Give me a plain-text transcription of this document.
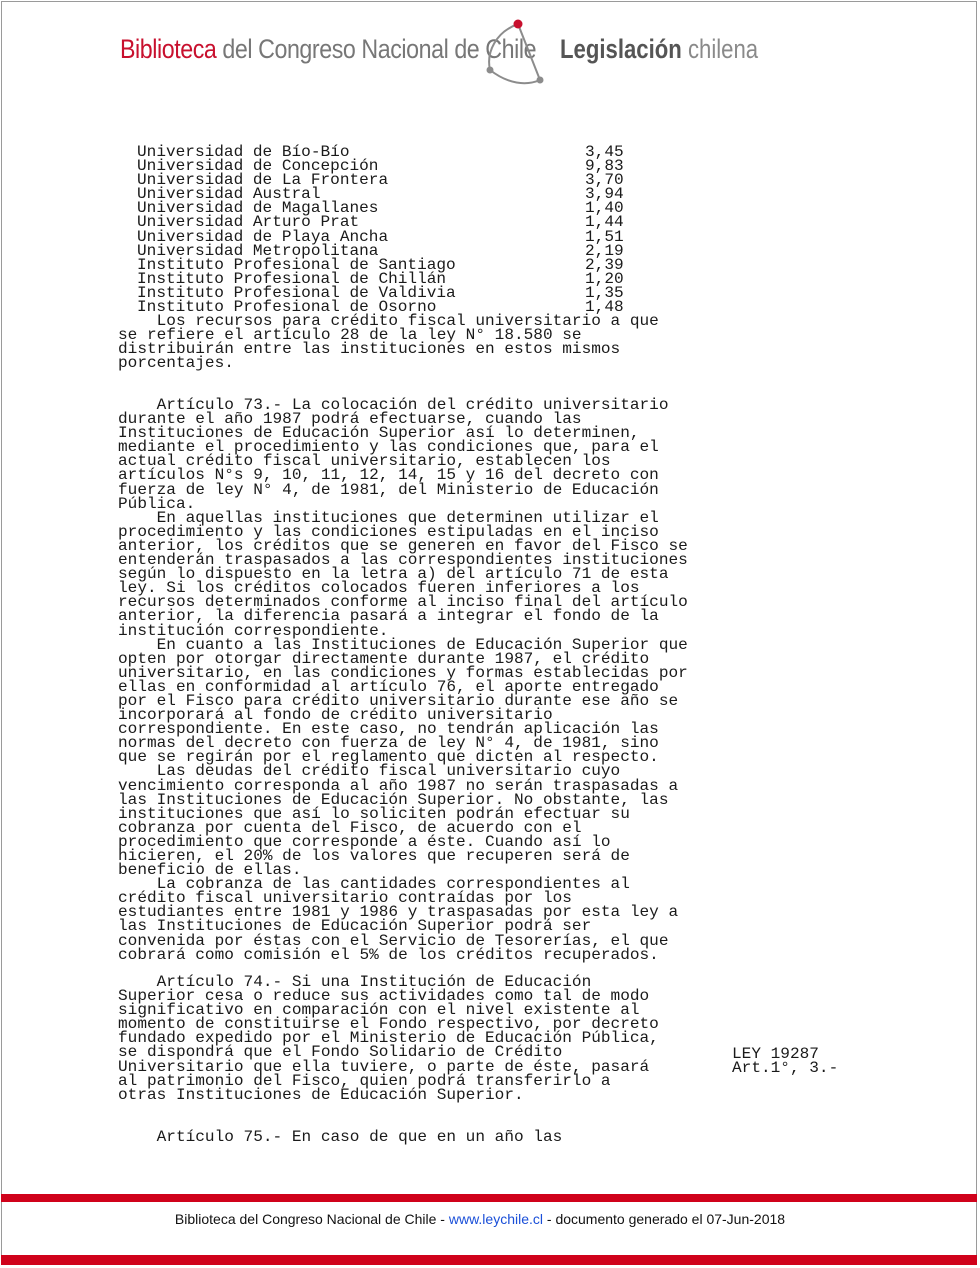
Biblioteca del Congreso Nacional de Chile Legislación chilena
Universidad de Bío-Bío	3,45
Universidad de Concepción	9,83
Universidad de La Frontera	3,70
Universidad Austral	3,94
Universidad de Magallanes	1,40
Universidad Arturo Prat	1,44
Universidad de Playa Ancha	1,51
Universidad Metropolitana	2,19
Instituto Profesional de Santiago	2,39
Instituto Profesional de Chillán	1,20
Instituto Profesional de Valdivia	1,35
Instituto Profesional de Osorno	1,48
Los recursos para crédito fiscal universitario a que
se refiere el artículo 28 de la ley N° 18.580 se
distribuirán entre las instituciones en estos mismos
porcentajes.
Artículo 73.- La colocación del crédito universitario
durante el año 1987 podrá efectuarse, cuando las
Instituciones de Educación Superior así lo determinen,
mediante el procedimiento y las condiciones que, para el
actual crédito fiscal universitario, establecen los
artículos N°s 9, 10, 11, 12, 14, 15 y 16 del decreto con
fuerza de ley N° 4, de 1981, del Ministerio de Educación
Pública.
En aquellas instituciones que determinen utilizar el
procedimiento y las condiciones estipuladas en el inciso
anterior, los créditos que se generen en favor del Fisco se
entenderán traspasados a las correspondientes instituciones
según lo dispuesto en la letra a) del artículo 71 de esta
ley. Si los créditos colocados fueren inferiores a los
recursos determinados conforme al inciso final del artículo
anterior, la diferencia pasará a integrar el fondo de la
institución correspondiente.
En cuanto a las Instituciones de Educación Superior que
opten por otorgar directamente durante 1987, el crédito
universitario, en las condiciones y formas establecidas por
ellas en conformidad al artículo 76, el aporte entregado
por el Fisco para crédito universitario durante ese año se
incorporará al fondo de crédito universitario
correspondiente. En este caso, no tendrán aplicación las
normas del decreto con fuerza de ley N° 4, de 1981, sino
que se regirán por el reglamento que dicten al respecto.
Las deudas del crédito fiscal universitario cuyo
vencimiento corresponda al año 1987 no serán traspasadas a
las Instituciones de Educación Superior. No obstante, las
instituciones que así lo soliciten podrán efectuar su
cobranza por cuenta del Fisco, de acuerdo con el
procedimiento que corresponde a éste. Cuando así lo
hicieren, el 20% de los valores que recuperen será de
beneficio de ellas.
La cobranza de las cantidades correspondientes al
crédito fiscal universitario contraídas por los
estudiantes entre 1981 y 1986 y traspasadas por esta ley a
las Instituciones de Educación Superior podrá ser
convenida por éstas con el Servicio de Tesorerías, el que
cobrará como comisión el 5% de los créditos recuperados.
Artículo 74.- Si una Institución de Educación
Superior cesa o reduce sus actividades como tal de modo
significativo en comparación con el nivel existente al
momento de constituirse el Fondo respectivo, por decreto
fundado expedido por el Ministerio de Educación Pública,
se dispondrá que el Fondo Solidario de Crédito
Universitario que ella tuviere, o parte de éste, pasará
al patrimonio del Fisco, quien podrá transferirlo a
otras Instituciones de Educación Superior.
LEY 19287
Art.1°, 3.-
Artículo 75.- En caso de que en un año las
Biblioteca del Congreso Nacional de Chile - www.leychile.cl - documento generado el 07-Jun-2018
